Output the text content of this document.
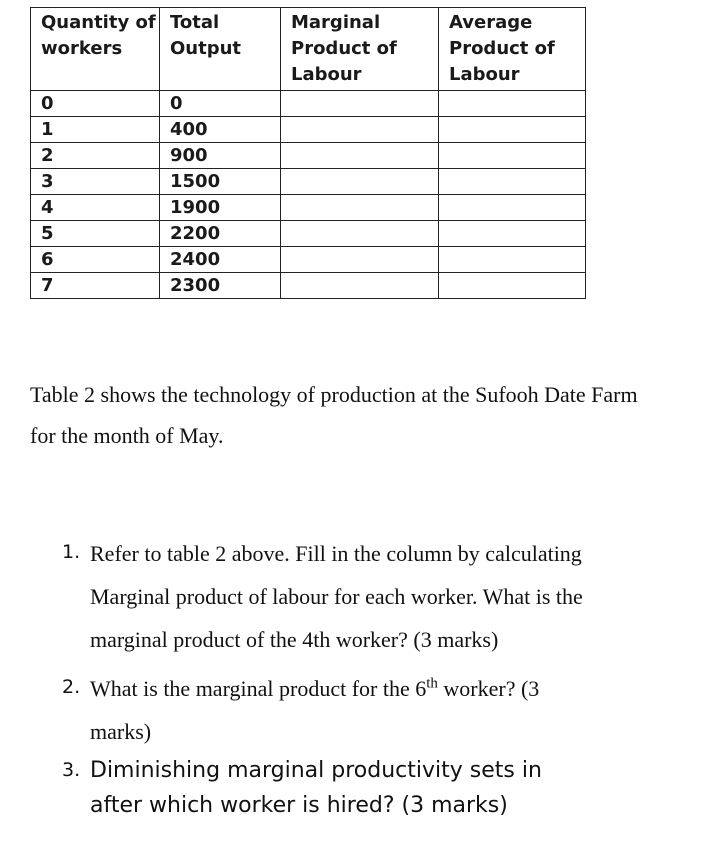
Quantity of workers	Total Output	Marginal Product of Labour	Average Product of Labour
0	0		
1	400		
2	900		
3	1500		
4	1900		
5	2200		
6	2400		
7	2300		

Table 2 shows the technology of production at the Sufooh Date Farm for the month of May.

1. Refer to table 2 above. Fill in the column by calculating Marginal product of labour for each worker. What is the marginal product of the 4th worker? (3 marks)
2. What is the marginal product for the 6th worker? (3 marks)
3. Diminishing marginal productivity sets in after which worker is hired? (3 marks)
